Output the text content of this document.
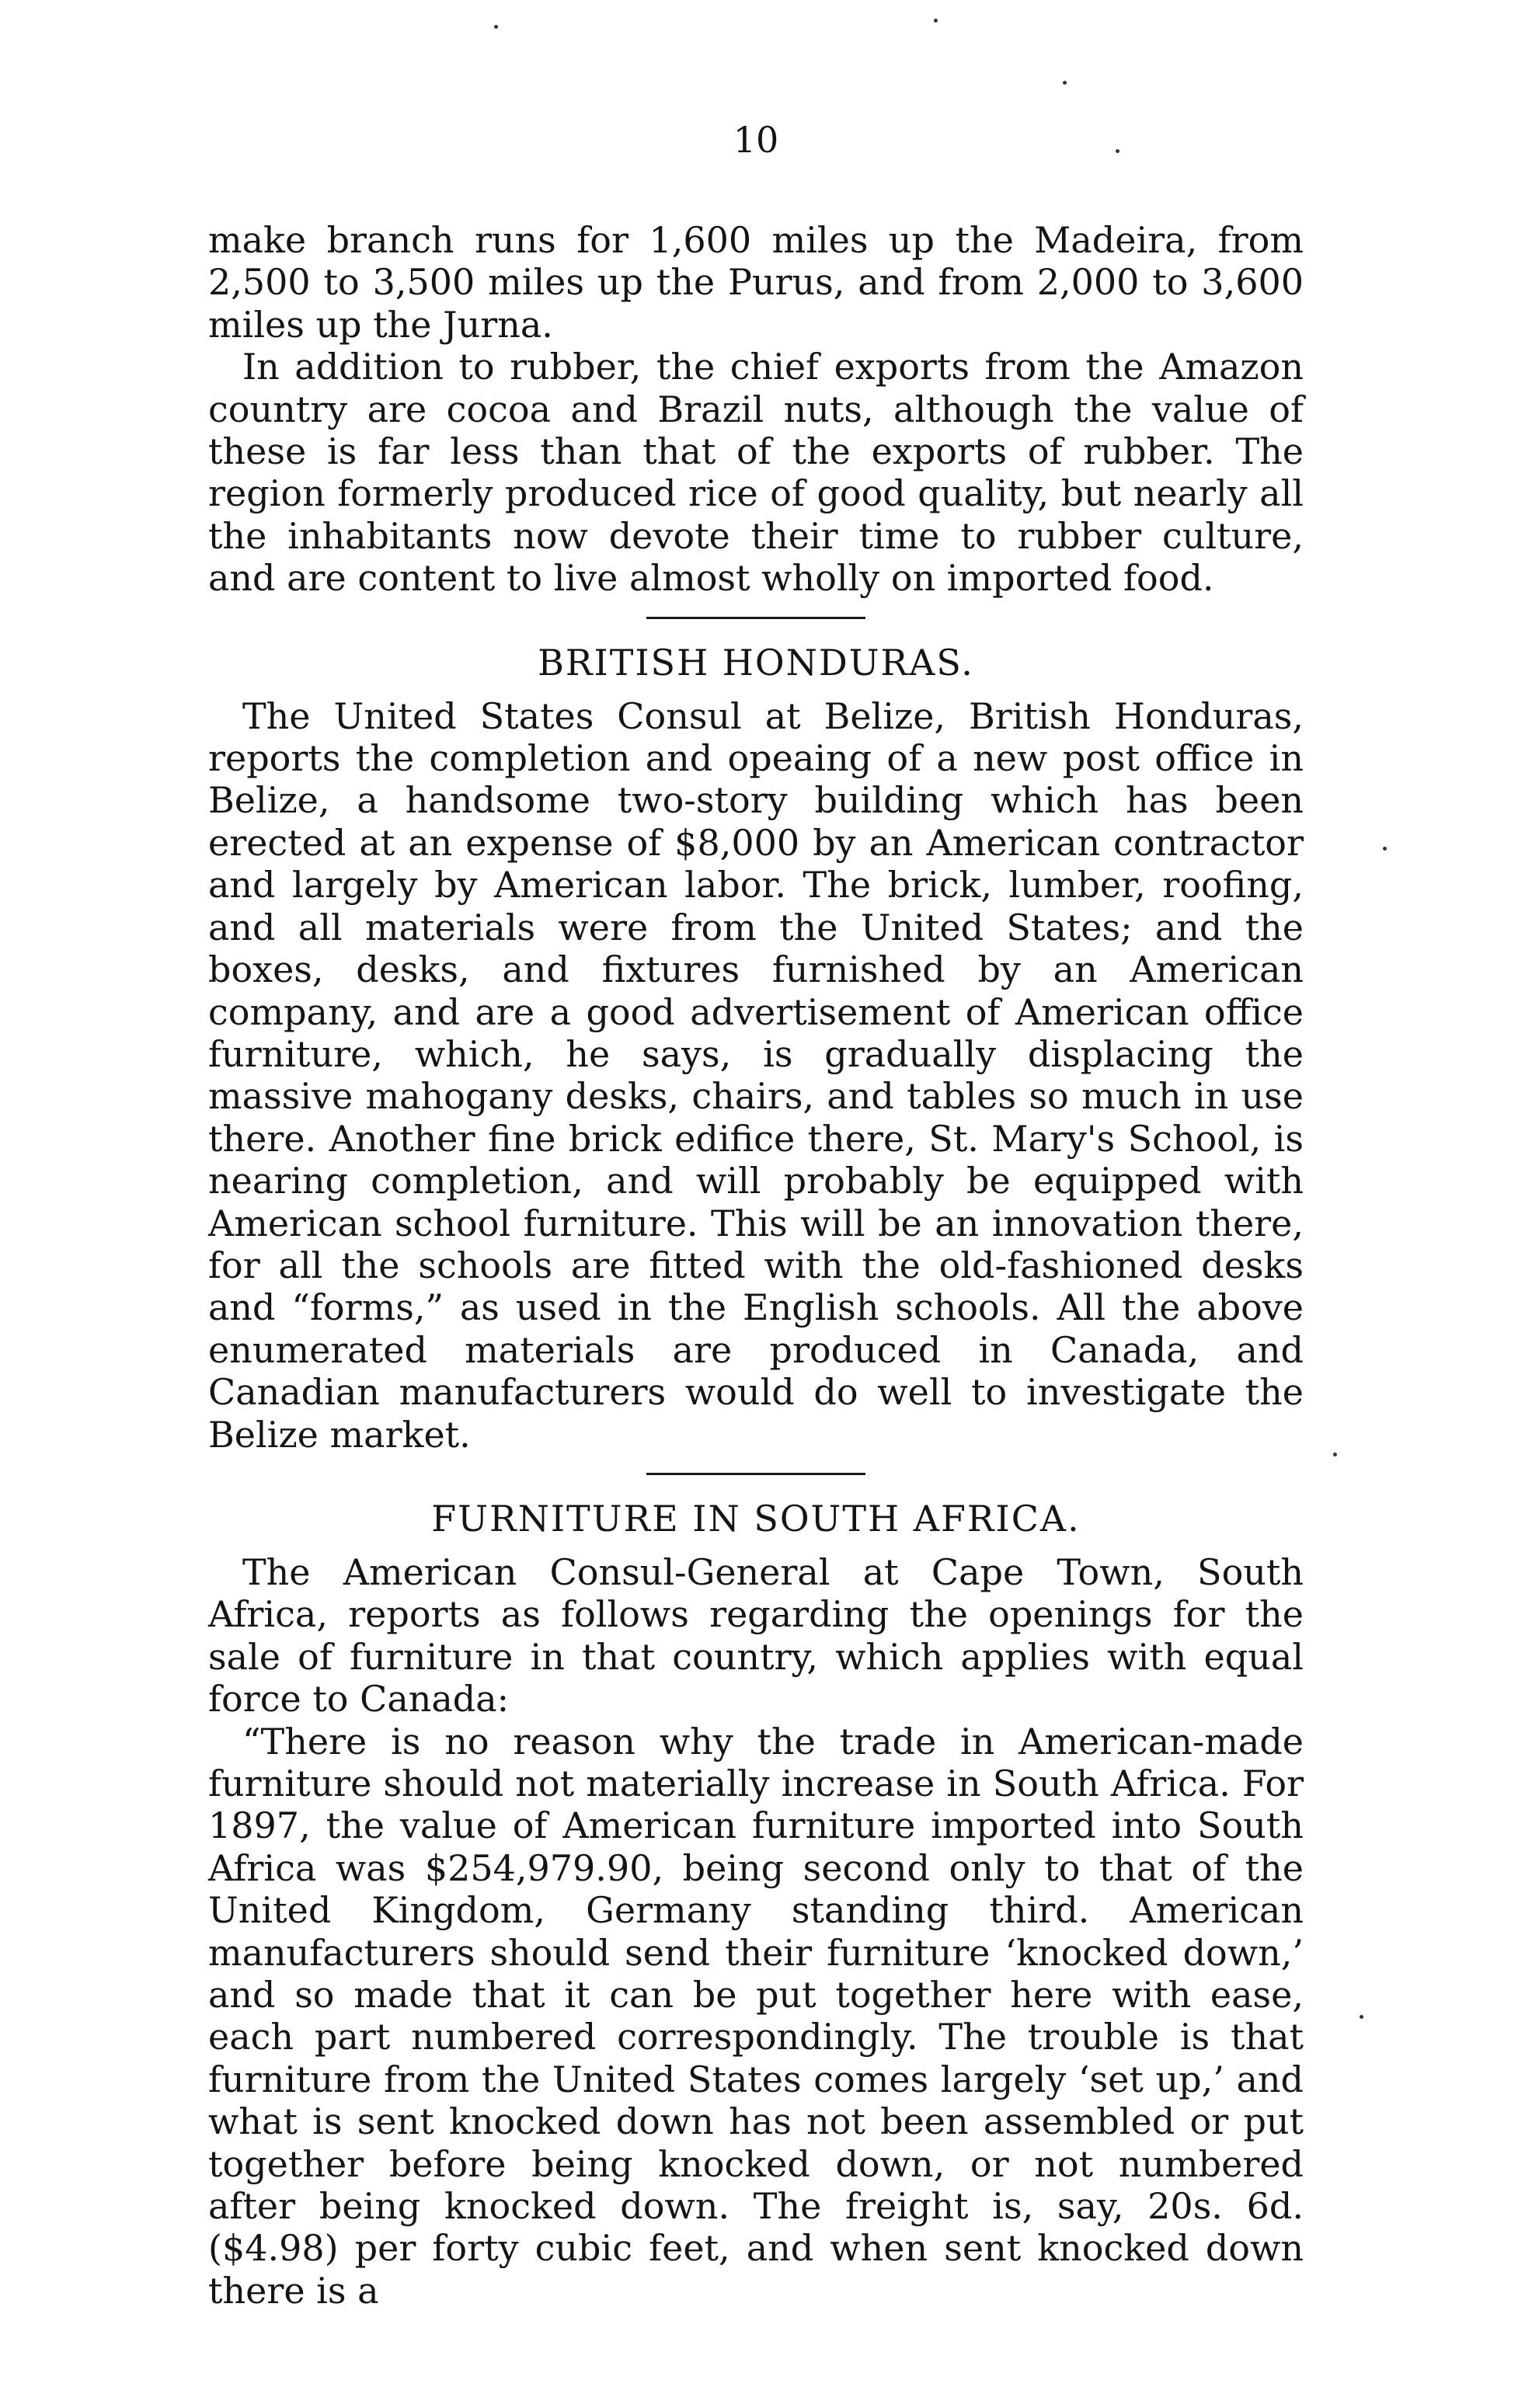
10

make branch runs for 1,600 miles up the Madeira, from 2,500 to 3,500 miles up the Purus, and from 2,000 to 3,600 miles up the Jurna.

In addition to rubber, the chief exports from the Amazon country are cocoa and Brazil nuts, although the value of these is far less than that of the exports of rubber. The region formerly produced rice of good quality, but nearly all the inhabitants now devote their time to rubber culture, and are content to live almost wholly on imported food.

BRITISH HONDURAS.

The United States Consul at Belize, British Honduras, reports the completion and opeaing of a new post office in Belize, a handsome two-story building which has been erected at an expense of $8,000 by an American contractor and largely by American labor. The brick, lumber, roofing, and all materials were from the United States; and the boxes, desks, and fixtures furnished by an American company, and are a good advertisement of American office furniture, which, he says, is gradually displacing the massive mahogany desks, chairs, and tables so much in use there. Another fine brick edifice there, St. Mary's School, is nearing completion, and will probably be equipped with American school furniture. This will be an innovation there, for all the schools are fitted with the old-fashioned desks and “forms,” as used in the English schools. All the above enumerated materials are produced in Canada, and Canadian manufacturers would do well to investigate the Belize market.

FURNITURE IN SOUTH AFRICA.

The American Consul-General at Cape Town, South Africa, reports as follows regarding the openings for the sale of furniture in that country, which applies with equal force to Canada:

“There is no reason why the trade in American-made furniture should not materially increase in South Africa. For 1897, the value of American furniture imported into South Africa was $254,979.90, being second only to that of the United Kingdom, Germany standing third. American manufacturers should send their furniture ‘knocked down,’ and so made that it can be put together here with ease, each part numbered correspondingly. The trouble is that furniture from the United States comes largely ‘set up,’ and what is sent knocked down has not been assembled or put together before being knocked down, or not numbered after being knocked down. The freight is, say, 20s. 6d. ($4.98) per forty cubic feet, and when sent knocked down there is a
